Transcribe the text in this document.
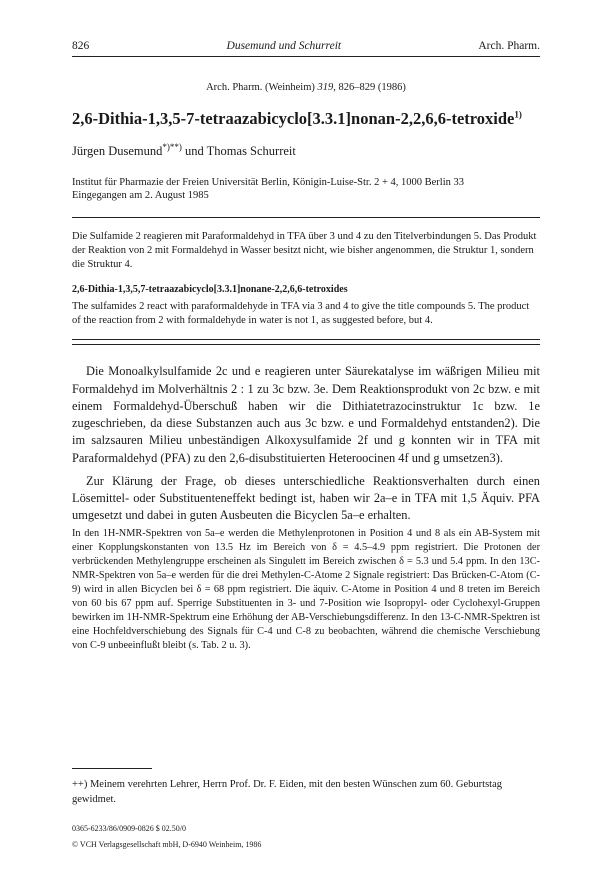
826	Dusemund und Schurreit	Arch. Pharm.
Arch. Pharm. (Weinheim) 319, 826–829 (1986)
2,6-Dithia-1,3,5-7-tetraazabicyclo[3.3.1]nonan-2,2,6,6-tetroxide$^{1)}$
Jürgen Dusemund*)**) und Thomas Schurreit
Institut für Pharmazie der Freien Universität Berlin, Königin-Luise-Str. 2 + 4, 1000 Berlin 33
Eingegangen am 2. August 1985
Die Sulfamide 2 reagieren mit Paraformaldehyd in TFA über 3 und 4 zu den Titelverbindungen 5. Das Produkt der Reaktion von 2 mit Formaldehyd in Wasser besitzt nicht, wie bisher angenommen, die Struktur 1, sondern die Struktur 4.
2,6-Dithia-1,3,5,7-tetraazabicyclo[3.3.1]nonane-2,2,6,6-tetroxides
The sulfamides 2 react with paraformaldehyde in TFA via 3 and 4 to give the title compounds 5. The product of the reaction from 2 with formaldehyde in water is not 1, as suggested before, but 4.
Die Monoalkylsulfamide 2c und e reagieren unter Säurekatalyse im wäßrigen Milieu mit Formaldehyd im Molverhältnis 2 : 1 zu 3c bzw. 3e. Dem Reaktionsprodukt von 2c bzw. e mit einem Formaldehyd-Überschuß haben wir die Dithiatetrazocinstruktur 1c bzw. 1e zugeschrieben, da diese Substanzen auch aus 3c bzw. e und Formaldehyd entstanden2). Die im salzsauren Milieu unbeständigen Alkoxysulfamide 2f und g konnten wir in TFA mit Paraformaldehyd (PFA) zu den 2,6-disubstituierten Heteroocinen 4f und g umsetzen3).
Zur Klärung der Frage, ob dieses unterschiedliche Reaktionsverhalten durch einen Lösemittel- oder Substituenteneffekt bedingt ist, haben wir 2a–e in TFA mit 1,5 Äquiv. PFA umgesetzt und dabei in guten Ausbeuten die Bicyclen 5a–e erhalten.
In den 1H-NMR-Spektren von 5a–e werden die Methylenprotonen in Position 4 und 8 als ein AB-System mit einer Kopplungskonstanten von 13.5 Hz im Bereich von δ = 4.5–4.9 ppm registriert. Die Protonen der verbrückenden Methylengruppe erscheinen als Singulett im Bereich zwischen δ = 5.3 und 5.4 ppm. In den 13C-NMR-Spektren von 5a–e werden für die drei Methylen-C-Atome 2 Signale registriert: Das Brücken-C-Atom (C-9) wird in allen Bicyclen bei δ = 68 ppm registriert. Die äquiv. C-Atome in Position 4 und 8 treten im Bereich von 60 bis 67 ppm auf. Sperrige Substituenten in 3- und 7-Position wie Isopropyl- oder Cyclohexyl-Gruppen bewirken im 1H-NMR-Spektrum eine Erhöhung der AB-Verschiebungsdifferenz. In den 13-C-NMR-Spektren ist eine Hochfeldverschiebung des Signals für C-4 und C-8 zu beobachten, während die chemische Verschiebung von C-9 unbeeinflußt bleibt (s. Tab. 2 u. 3).
++) Meinem verehrten Lehrer, Herrn Prof. Dr. F. Eiden, mit den besten Wünschen zum 60. Geburtstag gewidmet.
0365-6233/86/0909-0826 $ 02.50/0
© VCH Verlagsgesellschaft mbH, D-6940 Weinheim, 1986
